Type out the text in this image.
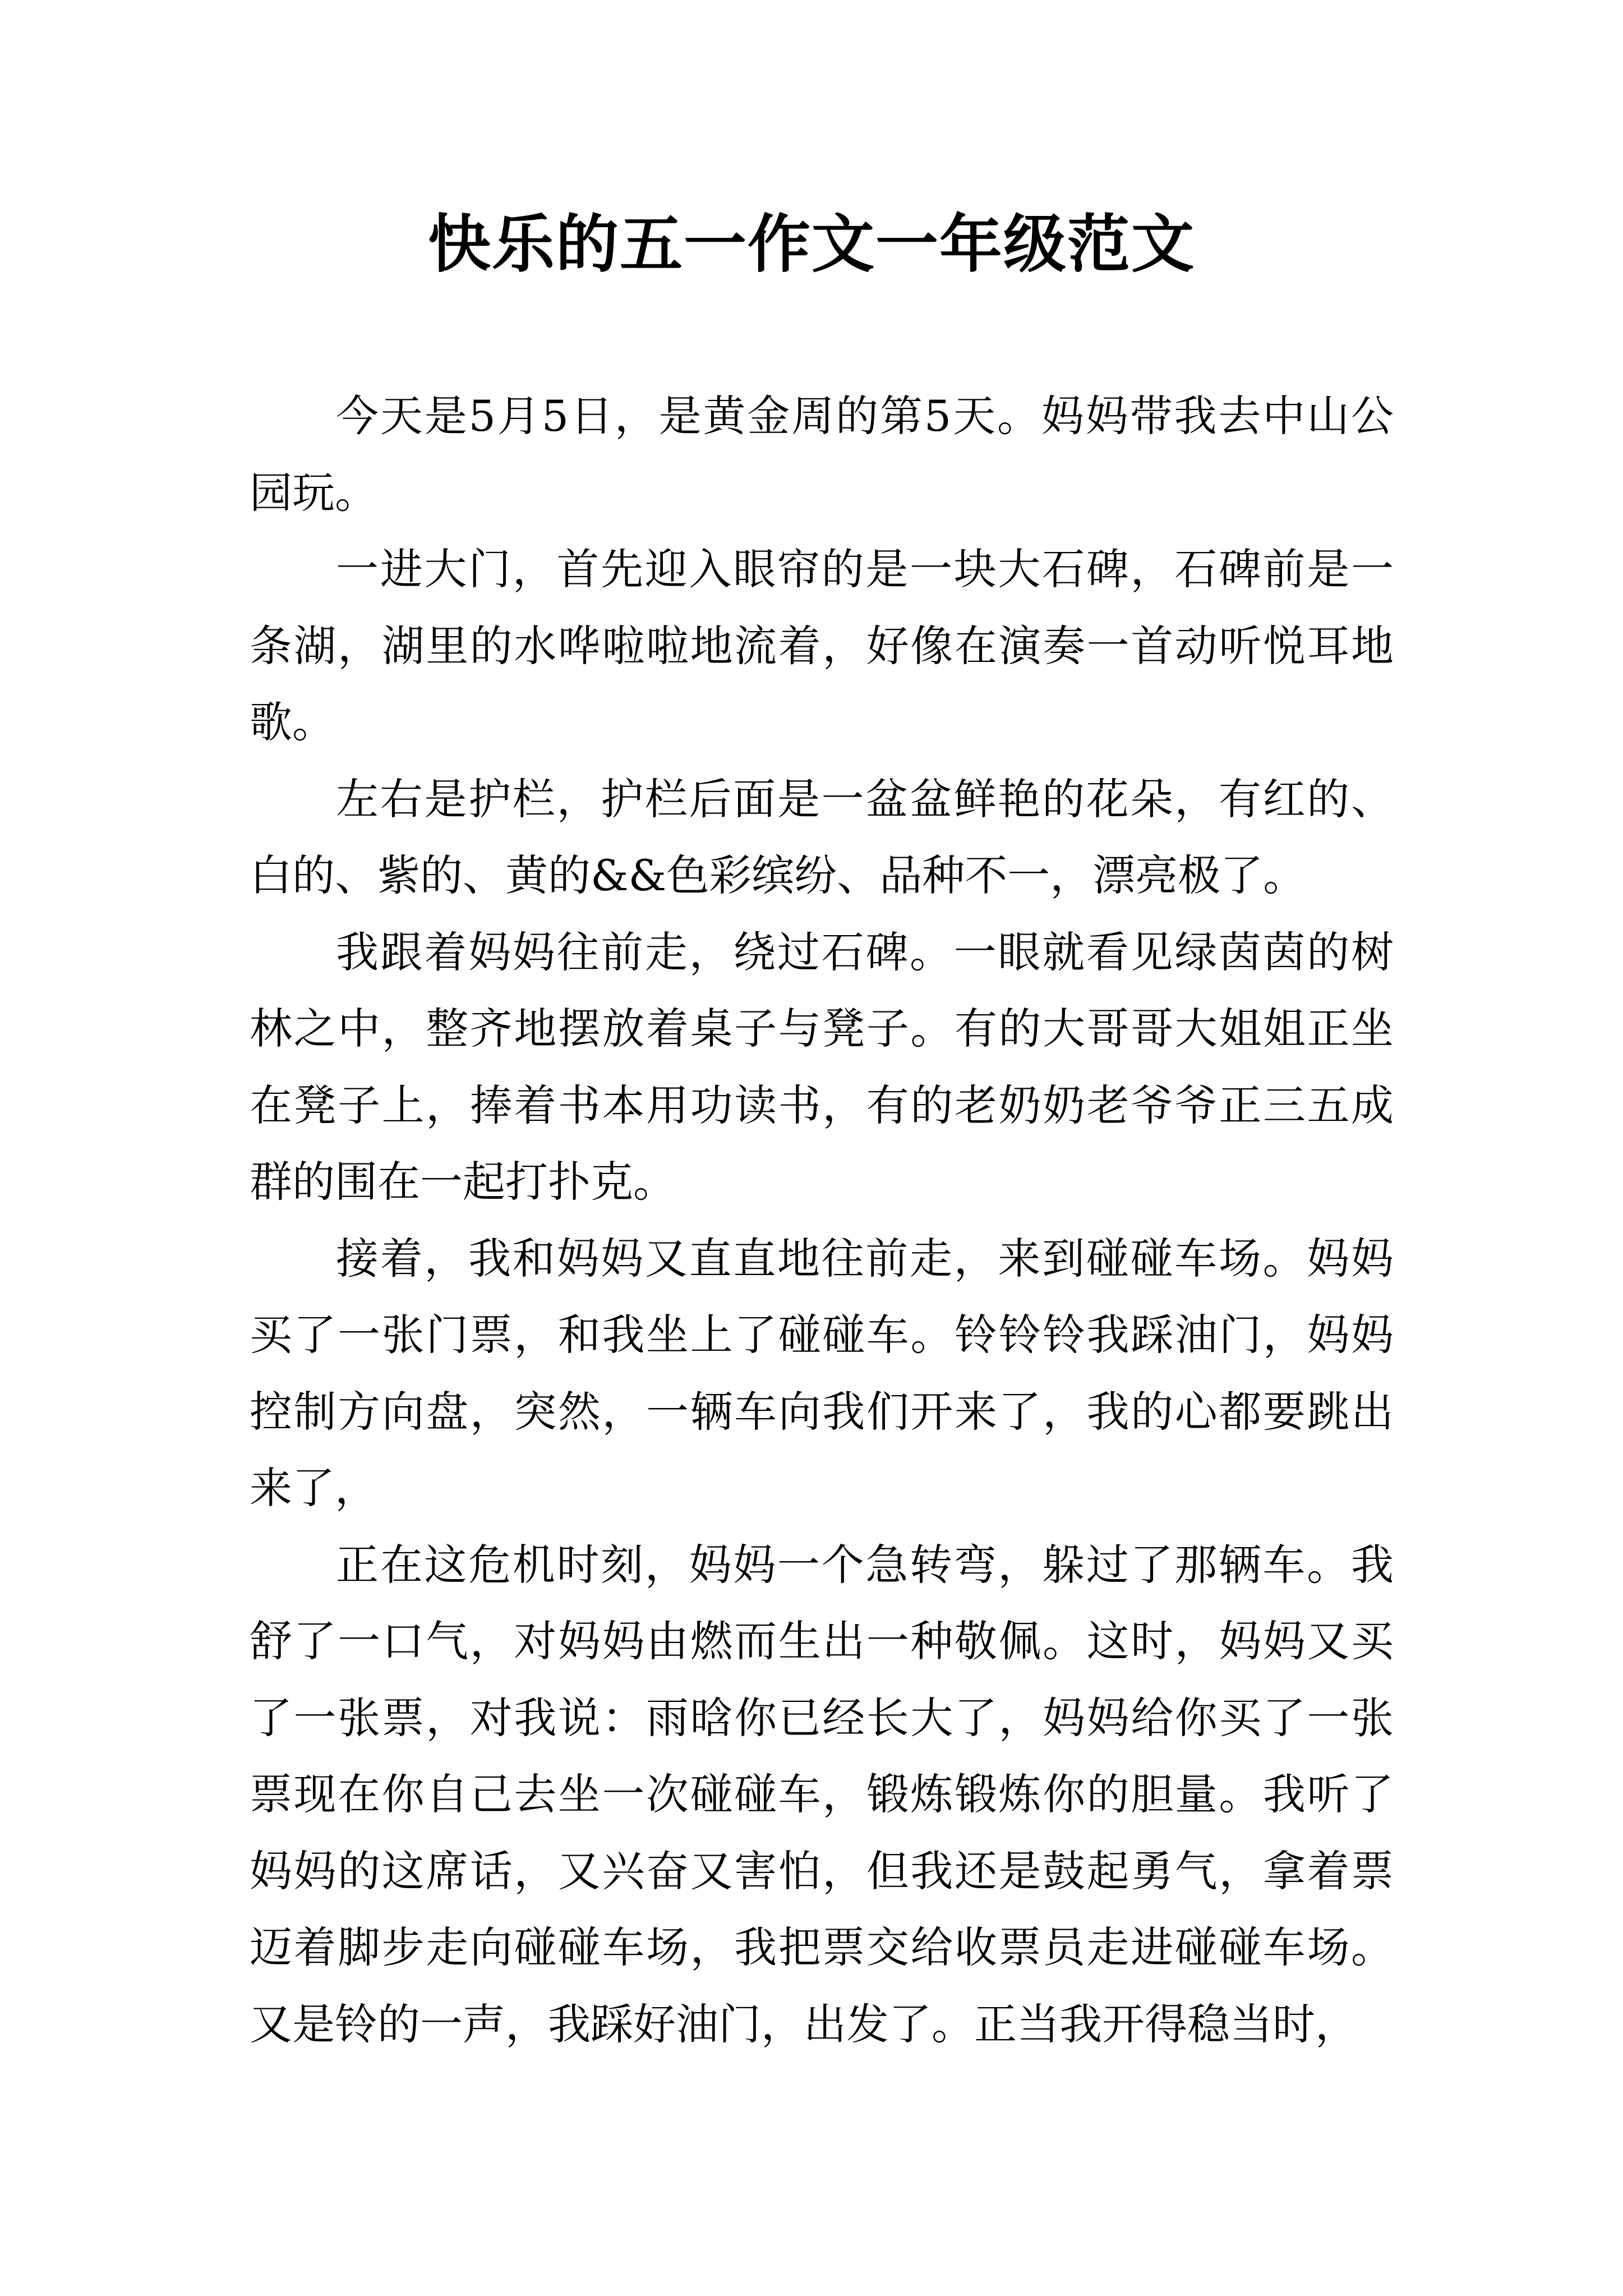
快乐的五一作文一年级范文

今天是5月5日，是黄金周的第5天。妈妈带我去中山公园玩。

一进大门，首先迎入眼帘的是一块大石碑，石碑前是一条湖，湖里的水哗啦啦地流着，好像在演奏一首动听悦耳地歌。

左右是护栏，护栏后面是一盆盆鲜艳的花朵，有红的、白的、紫的、黄的&&色彩缤纷、品种不一，漂亮极了。

我跟着妈妈往前走，绕过石碑。一眼就看见绿茵茵的树林之中，整齐地摆放着桌子与凳子。有的大哥哥大姐姐正坐在凳子上，捧着书本用功读书，有的老奶奶老爷爷正三五成群的围在一起打扑克。

接着，我和妈妈又直直地往前走，来到碰碰车场。妈妈买了一张门票，和我坐上了碰碰车。铃铃铃我踩油门，妈妈控制方向盘，突然，一辆车向我们开来了，我的心都要跳出来了，

正在这危机时刻，妈妈一个急转弯，躲过了那辆车。我舒了一口气，对妈妈由燃而生出一种敬佩。这时，妈妈又买了一张票，对我说：雨晗你已经长大了，妈妈给你买了一张票现在你自己去坐一次碰碰车，锻炼锻炼你的胆量。我听了妈妈的这席话，又兴奋又害怕，但我还是鼓起勇气，拿着票迈着脚步走向碰碰车场，我把票交给收票员走进碰碰车场。又是铃的一声，我踩好油门，出发了。正当我开得稳当时，
